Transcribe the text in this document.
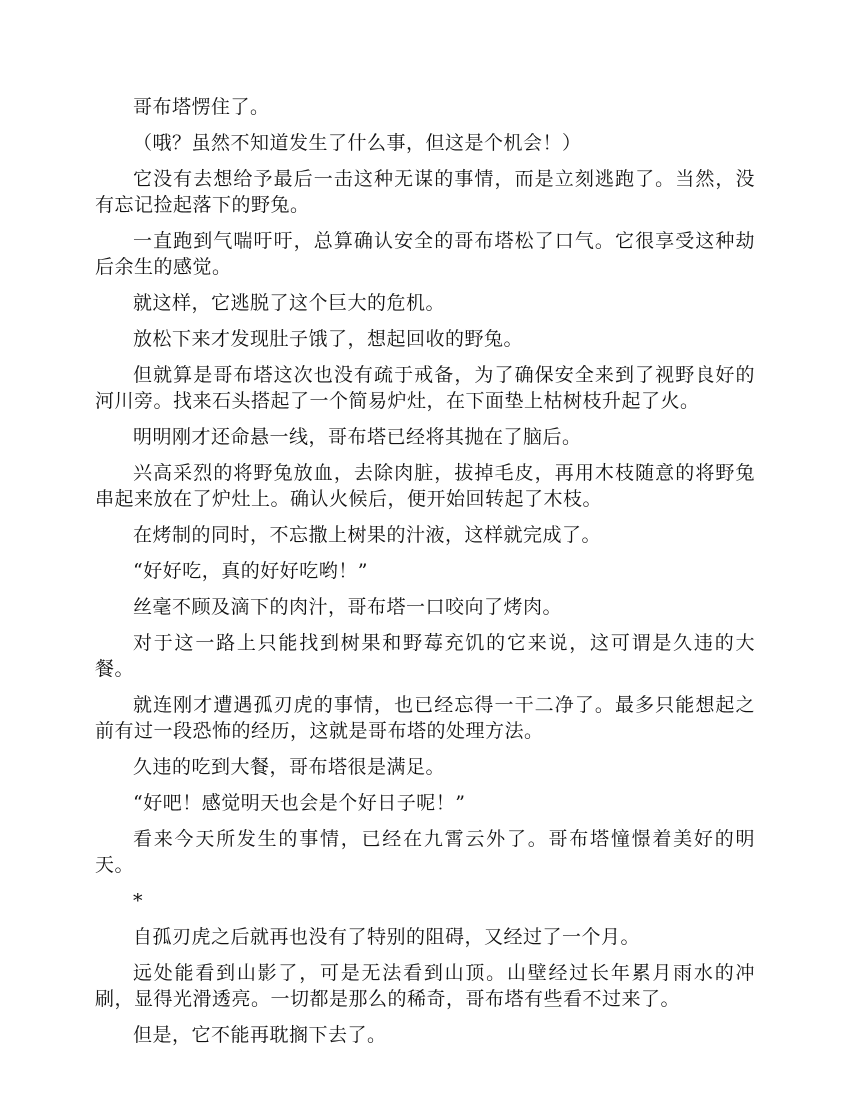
哥布塔愣住了。

（哦？虽然不知道发生了什么事，但这是个机会！）

它没有去想给予最后一击这种无谋的事情，而是立刻逃跑了。当然，没有忘记捡起落下的野兔。

一直跑到气喘吁吁，总算确认安全的哥布塔松了口气。它很享受这种劫后余生的感觉。

就这样，它逃脱了这个巨大的危机。

放松下来才发现肚子饿了，想起回收的野兔。

但就算是哥布塔这次也没有疏于戒备，为了确保安全来到了视野良好的河川旁。找来石头搭起了一个简易炉灶，在下面垫上枯树枝升起了火。

明明刚才还命悬一线，哥布塔已经将其抛在了脑后。

兴高采烈的将野兔放血，去除肉脏，拔掉毛皮，再用木枝随意的将野兔串起来放在了炉灶上。确认火候后，便开始回转起了木枝。

在烤制的同时，不忘撒上树果的汁液，这样就完成了。

“好好吃，真的好好吃哟！”

丝毫不顾及滴下的肉汁，哥布塔一口咬向了烤肉。

对于这一路上只能找到树果和野莓充饥的它来说，这可谓是久违的大餐。

就连刚才遭遇孤刃虎的事情，也已经忘得一干二净了。最多只能想起之前有过一段恐怖的经历，这就是哥布塔的处理方法。

久违的吃到大餐，哥布塔很是满足。

“好吧！感觉明天也会是个好日子呢！”

看来今天所发生的事情，已经在九霄云外了。哥布塔憧憬着美好的明天。

*

自孤刃虎之后就再也没有了特别的阻碍，又经过了一个月。

远处能看到山影了，可是无法看到山顶。山壁经过长年累月雨水的冲刷，显得光滑透亮。一切都是那么的稀奇，哥布塔有些看不过来了。

但是，它不能再耽搁下去了。
